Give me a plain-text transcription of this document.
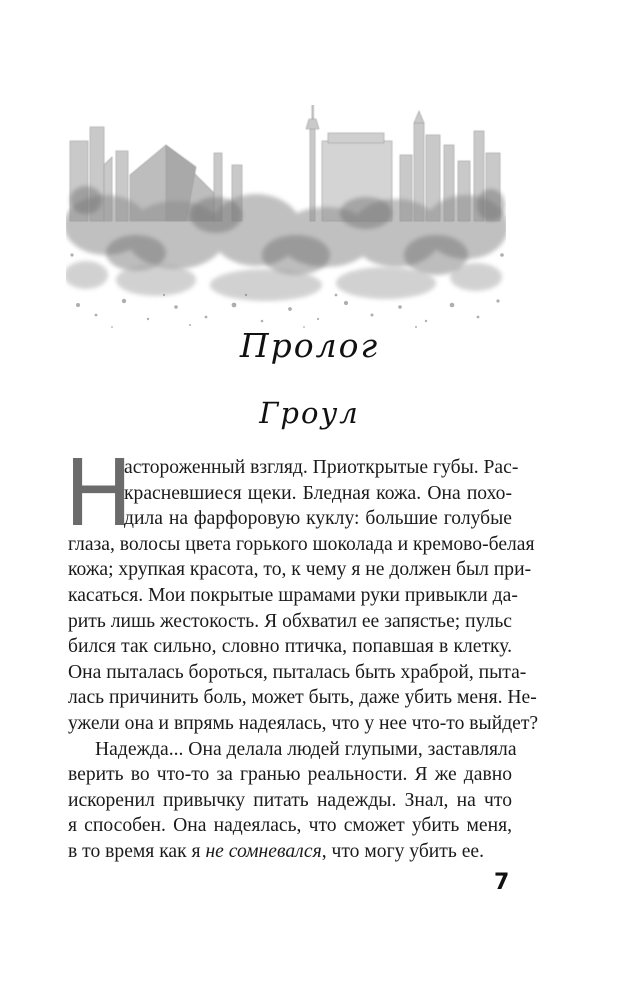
Пролог
Гроул
Н
астороженный взгляд. Приоткрытые губы. Рас-
красневшиеся щеки. Бледная кожа. Она похо-
дила на фарфоровую куклу: большие голубые
глаза, волосы цвета горького шоколада и кремово-белая
кожа; хрупкая красота, то, к чему я не должен был при-
касаться. Мои покрытые шрамами руки привыкли да-
рить лишь жестокость. Я обхватил ее запястье; пульс
бился так сильно, словно птичка, попавшая в клетку.
Она пыталась бороться, пыталась быть храброй, пыта-
лась причинить боль, может быть, даже убить меня. Не-
ужели она и впрямь надеялась, что у нее что-то выйдет?
Надежда... Она делала людей глупыми, заставляла
верить во что-то за гранью реальности. Я же давно
искоренил привычку питать надежды. Знал, на что
я способен. Она надеялась, что сможет убить меня,
в то время как я не сомневался, что могу убить ее.
7
